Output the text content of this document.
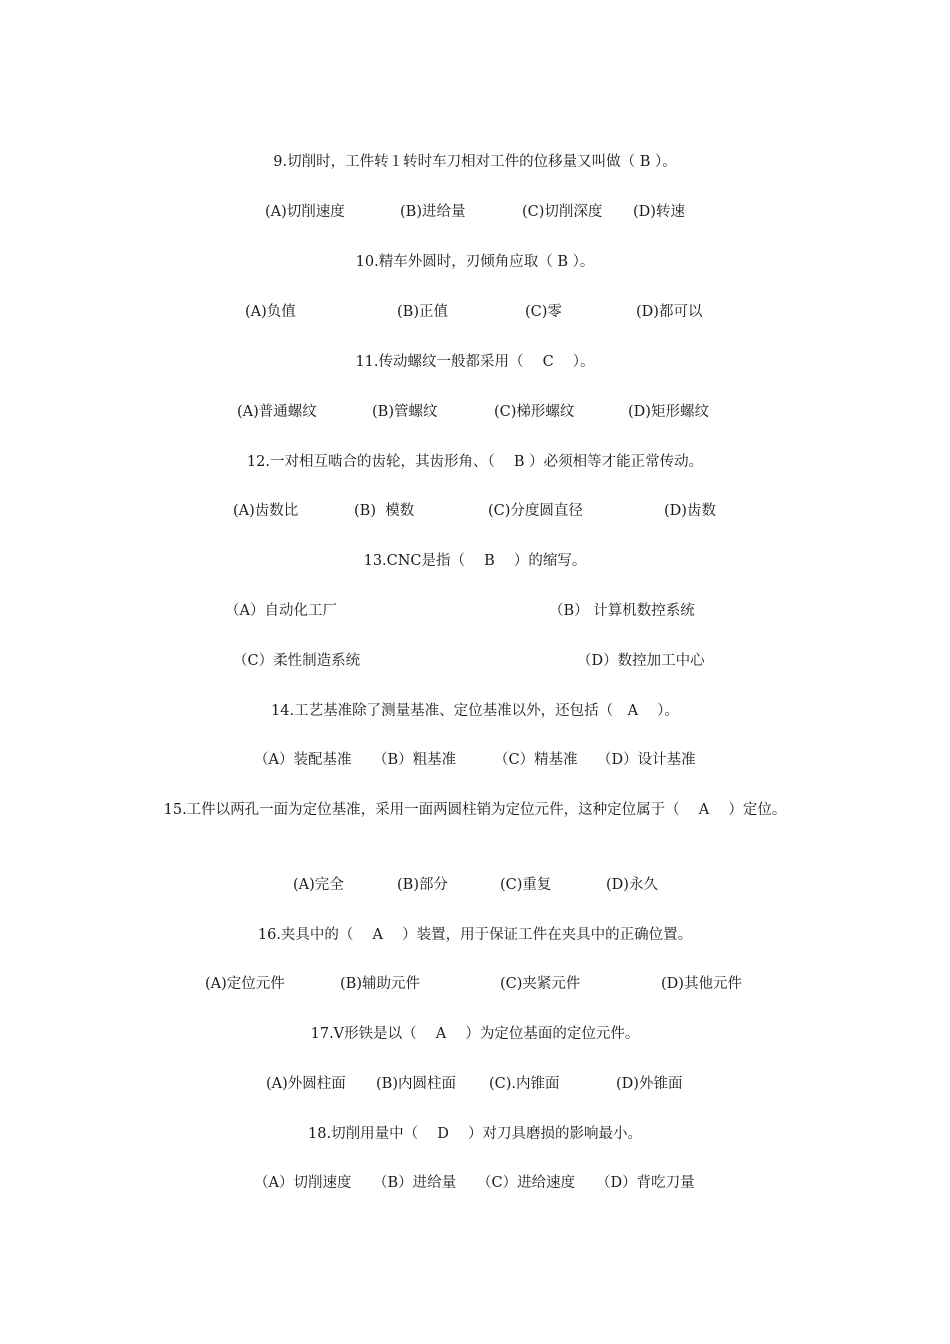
9.切削时，工件转１转时车刀相对工件的位移量又叫做（ B ）。
(A)切削速度	(B)进给量	(C)切削深度 (D)转速
10.精车外圆时，刃倾角应取（ B ）。
(A)负值	(B)正值	(C)零	(D)都可以
11.传动螺纹一般都采用（　 C 　）。
(A)普通螺纹	(B)管螺纹	(C)梯形螺纹	(D)矩形螺纹
12.一对相互啮合的齿轮，其齿形角、（　 B ）必须相等才能正常传动。
(A)齿数比	(B)  模数	(C)分度圆直径	(D)齿数
13.CNC是指（　 B 　）的缩写。
（A）自动化工厂	（B） 计算机数控系统
（C）柔性制造系统	（D）数控加工中心
14.工艺基准除了测量基准、定位基准以外，还包括（　A　 ）。
（A）装配基准 （B）粗基准	（C）精基准 （D）设计基准
15.工件以两孔一面为定位基准，采用一面两圆柱销为定位元件，这种定位属于（　 A 　）定位。
(A)完全	(B)部分	(C)重复	(D)永久
16.夹具中的（　 A 　）装置，用于保证工件在夹具中的正确位置。
(A)定位元件	(B)辅助元件	(C)夹紧元件	(D)其他元件
17.V形铁是以（　 A 　）为定位基面的定位元件。
(A)外圆柱面 (B)内圆柱面 (C).内锥面	(D)外锥面
18.切削用量中（　 D 　）对刀具磨损的影响最小。
（A）切削速度 （B）进给量 （C）进给速度 （D）背吃刀量
